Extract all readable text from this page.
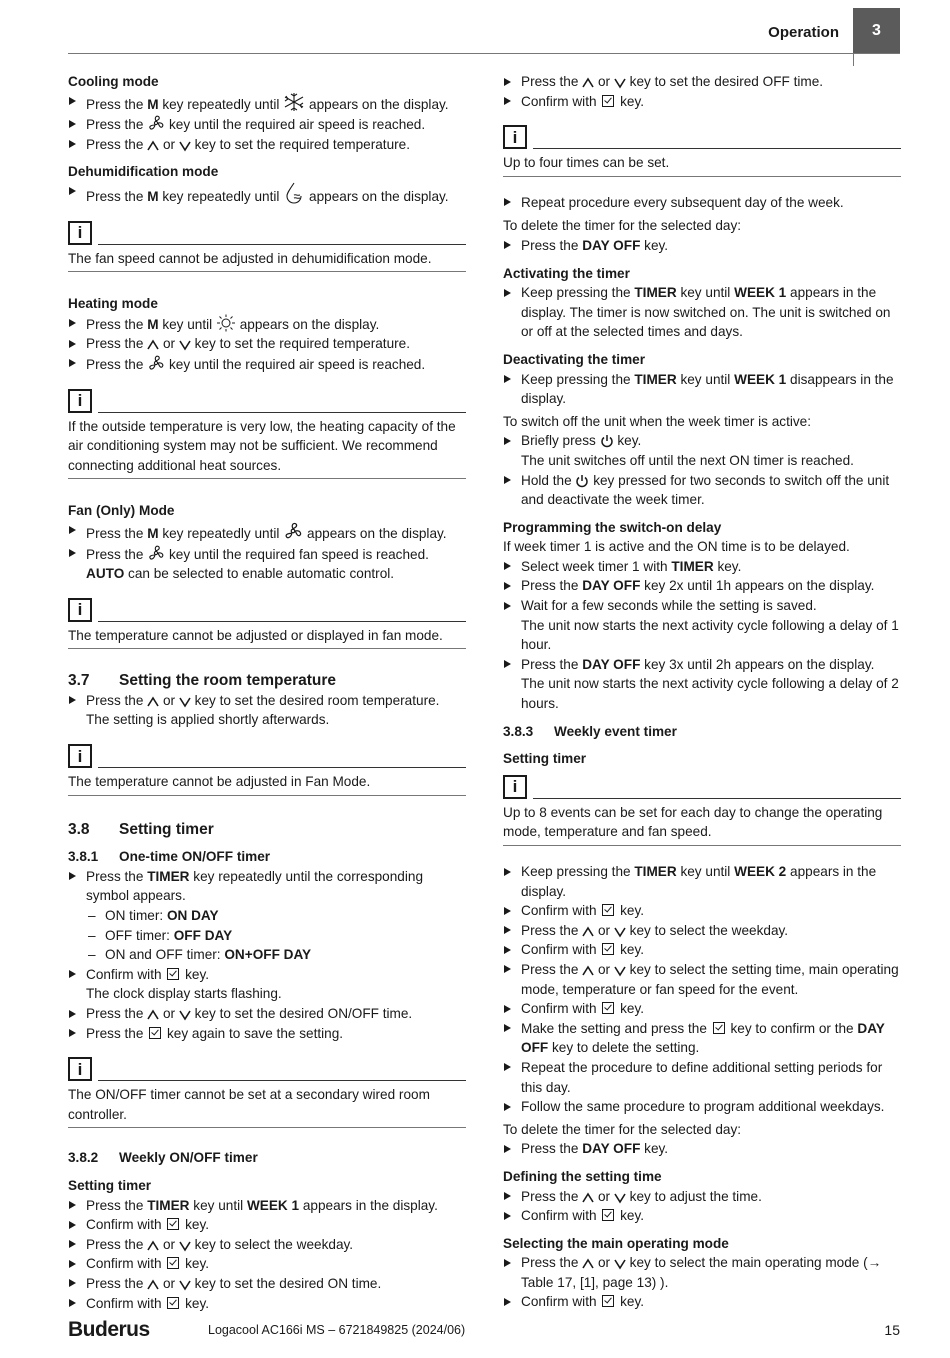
Operation 3

Cooling mode

Press the M key repeatedly until appears on the display.
Press the key until the required air speed is reached.
Press the or key to set the required temperature.

Dehumidification mode

Press the M key repeatedly until appears on the display.
i
The fan speed cannot be adjusted in dehumidification mode.

Heating mode

Press the M key until appears on the display.
Press the or key to set the required temperature.
Press the key until the required air speed is reached.
i
If the outside temperature is very low, the heating capacity of the air conditioning system may not be sufficient. We recommend connecting additional heat sources.

Fan (Only) Mode

Press the M key repeatedly until appears on the display.
Press the key until the required fan speed is reached. AUTO can be selected to enable automatic control.
i
The temperature cannot be adjusted or displayed in fan mode.

3.7 Setting the room temperature

Press the or key to set the desired room temperature.
The setting is applied shortly afterwards.
i
The temperature cannot be adjusted in Fan Mode.

3.8 Setting timer

3.8.1 One-time ON/OFF timer

Press the TIMER key repeatedly until the corresponding symbol appears.
– ON timer: ON DAY
– OFF timer: OFF DAY
– ON and OFF timer: ON+OFF DAY
Confirm with key.
The clock display starts flashing.
Press the or key to set the desired ON/OFF time.
Press the key again to save the setting.
i
The ON/OFF timer cannot be set at a secondary wired room controller.

3.8.2 Weekly ON/OFF timer

Setting timer

Press the TIMER key until WEEK 1 appears in the display.
Confirm with key.
Press the or key to select the weekday.
Confirm with key.
Press the or key to set the desired ON time.
Confirm with key.
Press the or key to set the desired OFF time.
Confirm with key.
i
Up to four times can be set.
Repeat procedure every subsequent day of the week.

To delete the timer for the selected day:

Press the DAY OFF key.

Activating the timer

Keep pressing the TIMER key until WEEK 1 appears in the display. The timer is now switched on. The unit is switched on or off at the selected times and days.

Deactivating the timer

Keep pressing the TIMER key until WEEK 1 disappears in the display.

To switch off the unit when the week timer is active:

Briefly press key.
The unit switches off until the next ON timer is reached.
Hold the key pressed for two seconds to switch off the unit and deactivate the week timer.

Programming the switch-on delay

If week timer 1 is active and the ON time is to be delayed.

Select week timer 1 with TIMER key.
Press the DAY OFF key 2x until 1h appears on the display.
Wait for a few seconds while the setting is saved.
The unit now starts the next activity cycle following a delay of 1 hour.
Press the DAY OFF key 3x until 2h appears on the display.
The unit now starts the next activity cycle following a delay of 2 hours.

3.8.3 Weekly event timer

Setting timer

i
Up to 8 events can be set for each day to change the operating mode, temperature and fan speed.
Keep pressing the TIMER key until WEEK 2 appears in the display.
Confirm with key.
Press the or key to select the weekday.
Confirm with key.
Press the or key to select the setting time, main operating mode, temperature or fan speed for the event.
Confirm with key.
Make the setting and press the key to confirm or the DAY OFF key to delete the setting.
Repeat the procedure to define additional setting periods for this day.
Follow the same procedure to program additional weekdays.

To delete the timer for the selected day:

Press the DAY OFF key.

Defining the setting time

Press the or key to adjust the time.
Confirm with key.

Selecting the main operating mode

Press the or key to select the main operating mode (→ Table 17, [1], page 13) ).
Confirm with key.
Buderus	Logacool AC166i MS – 6721849825 (2024/06)	15
